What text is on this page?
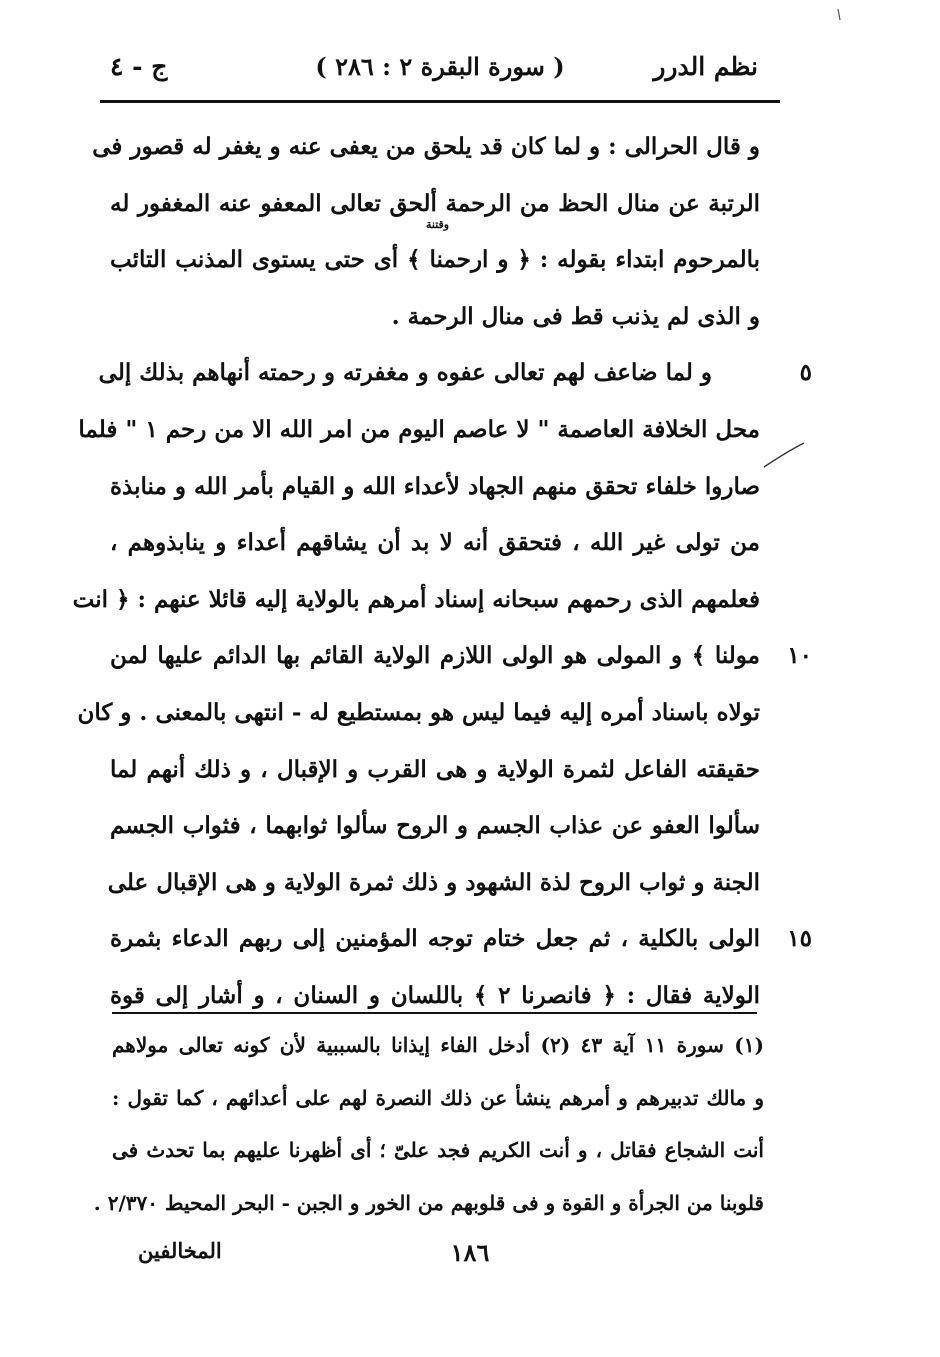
نظم الدرر
( سورة البقرة ٢ : ٢٨٦ )
ج - ٤
و قال الحرالى : و لما كان قد يلحق من يعفى عنه و يغفر له قصور فى
الرتبة عن منال الحظ من الرحمة ألحق تعالى المعفو عنه المغفور له
بالمرحوم ابتداء بقوله : ﴿ و ارحمنا ﴾ أى حتى يستوى المذنب التائب
وقتنة
و الذى لم يذنب قط فى منال الرحمة .
٥
و لما ضاعف لهم تعالى عفوه و مغفرته و رحمته أنهاهم بذلك إلى
محل الخلافة العاصمة " لا عاصم اليوم من امر الله الا من رحم ١ " فلما
صاروا خلفاء تحقق منهم الجهاد لأعداء الله و القيام بأمر الله و منابذة
من تولى غير الله ، فتحقق أنه لا بد أن يشاقهم أعداء و ينابذوهم ،
فعلمهم الذى رحمهم سبحانه إسناد أمرهم بالولاية إليه قائلا عنهم : ﴿ انت
١٠
مولنا ﴾ و المولى هو الولى اللازم الولاية القائم بها الدائم عليها لمن
تولاه باسناد أمره إليه فيما ليس هو بمستطيع له - انتهى بالمعنى . و كان
حقيقته الفاعل لثمرة الولاية و هى القرب و الإقبال ، و ذلك أنهم لما
سألوا العفو عن عذاب الجسم و الروح سألوا ثوابهما ، فثواب الجسم
الجنة و ثواب الروح لذة الشهود و ذلك ثمرة الولاية و هى الإقبال على
١٥
الولى بالكلية ، ثم جعل ختام توجه المؤمنين إلى ربهم الدعاء بثمرة
الولاية فقال : ﴿ فانصرنا ٢ ﴾ باللسان و السنان ، و أشار إلى قوة
(١) سورة ١١ آية ٤٣ (٢) أدخل الفاء إيذانا بالسببية لأن كونه تعالى مولاهم
و مالك تدبيرهم و أمرهم ينشأ عن ذلك النصرة لهم على أعدائهم ، كما تقول :
أنت الشجاع فقاتل ، و أنت الكريم فجد علىّ ؛ أى أظهرنا عليهم بما تحدث فى
قلوبنا من الجرأة و القوة و فى قلوبهم من الخور و الجبن - البحر المحيط ٢/٣٧٠ .
١٨٦
المخالفين
